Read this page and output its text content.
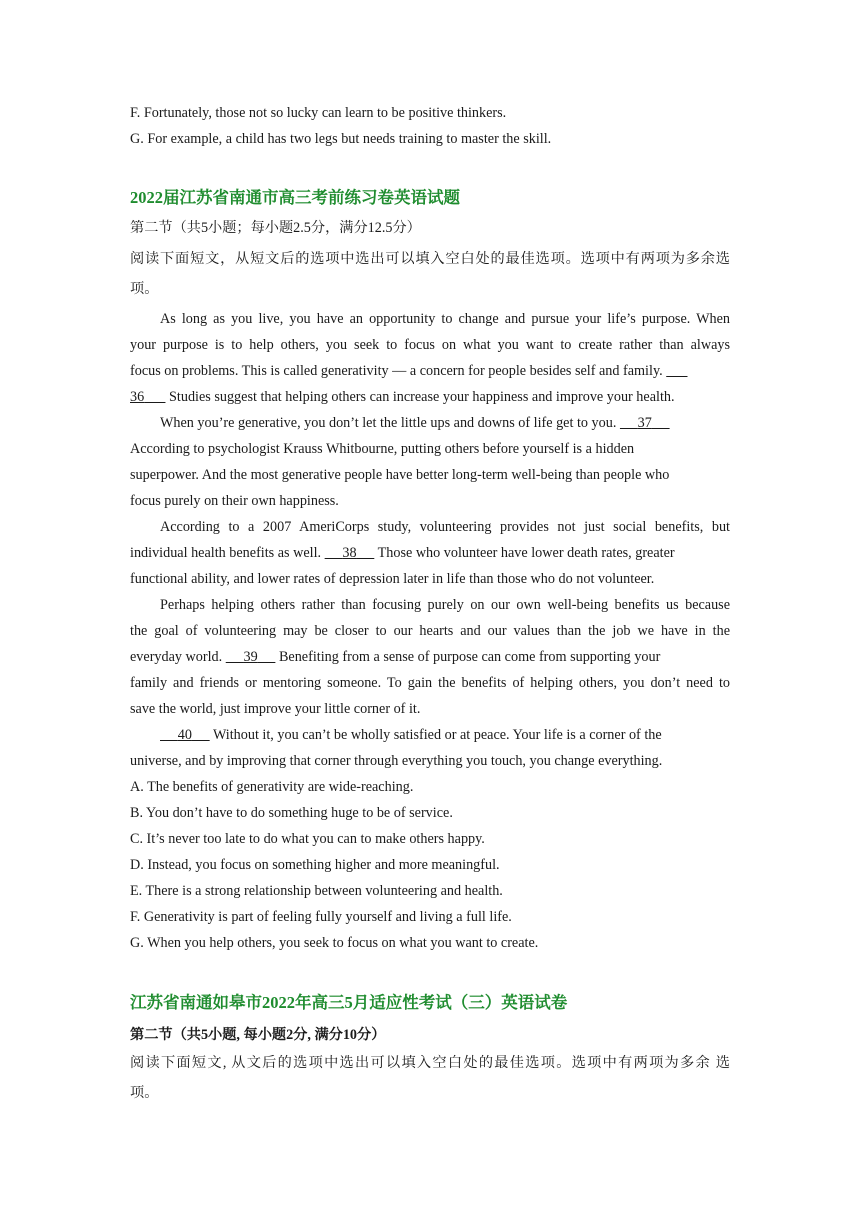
F. Fortunately, those not so lucky can learn to be positive thinkers.
G. For example, a child has two legs but needs training to master the skill.
2022届江苏省南通市高三考前练习卷英语试题
第二节（共5小题；每小题2.5分，满分12.5分）
阅读下面短文，从短文后的选项中选出可以填入空白处的最佳选项。选项中有两项为多余选
项。
As long as you live, you have an opportunity to change and pursue your life’s purpose. When
your purpose is to help others, you seek to focus on what you want to create rather than always
focus on problems. This is called generativity — a concern for people besides self and family.
36 Studies suggest that helping others can increase your happiness and improve your health.
When you’re generative, you don’t let the little ups and downs of life get to you. 37
According to psychologist Krauss Whitbourne, putting others before yourself is a hidden
superpower. And the most generative people have better long-term well-being than people who
focus purely on their own happiness.
According to a 2007 AmeriCorps study, volunteering provides not just social benefits, but
individual health benefits as well. 38 Those who volunteer have lower death rates, greater
functional ability, and lower rates of depression later in life than those who do not volunteer.
Perhaps helping others rather than focusing purely on our own well-being benefits us because
the goal of volunteering may be closer to our hearts and our values than the job we have in the
everyday world. 39 Benefiting from a sense of purpose can come from supporting your
family and friends or mentoring someone. To gain the benefits of helping others, you don’t need to
save the world, just improve your little corner of it.
40 Without it, you can’t be wholly satisfied or at peace. Your life is a corner of the
universe, and by improving that corner through everything you touch, you change everything.
A. The benefits of generativity are wide-reaching.
B. You don’t have to do something huge to be of service.
C. It’s never too late to do what you can to make others happy.
D. Instead, you focus on something higher and more meaningful.
E. There is a strong relationship between volunteering and health.
F. Generativity is part of feeling fully yourself and living a full life.
G. When you help others, you seek to focus on what you want to create.
江苏省南通如皋市2022年高三5月适应性考试（三）英语试卷
第二节（共5小题, 每小题2分, 满分10分）
阅读下面短文, 从文后的选项中选出可以填入空白处的最佳选项。选项中有两项为多余 选
项。
